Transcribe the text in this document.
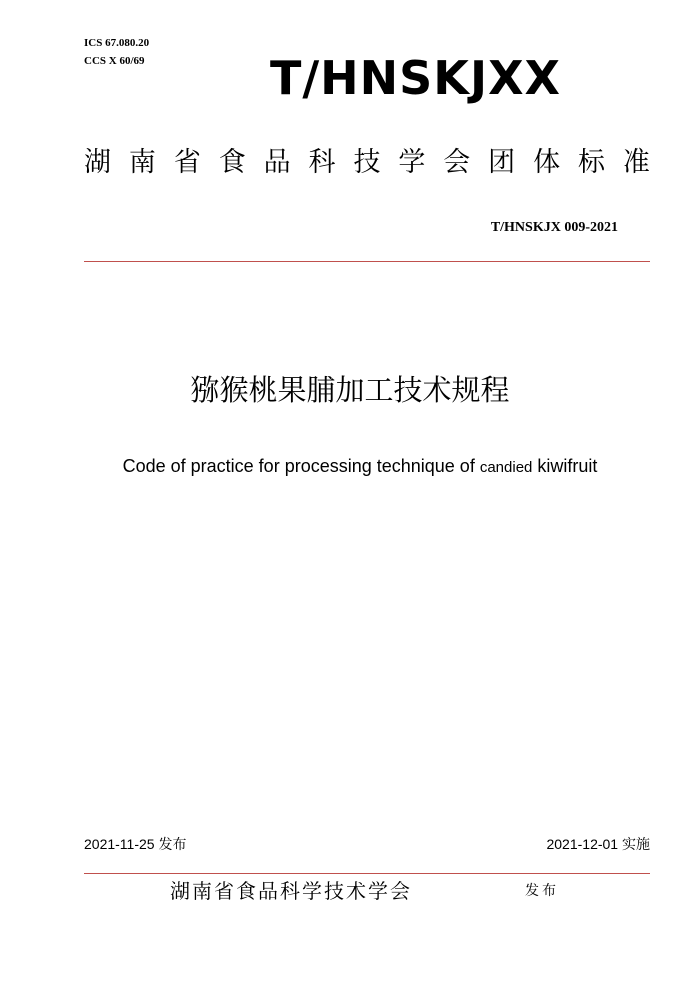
ICS 67.080.20
CCS X 60/69	T/HNSKJXX
湖 南 省 食 品 科 技 学 会 团 体 标 准
T/HNSKJX 009-2021
猕猴桃果脯加工技术规程
Code of practice for processing technique of candied kiwifruit
2021-11-25 发布	2021-12-01 实施
湖南省食品科学技术学会	发布
